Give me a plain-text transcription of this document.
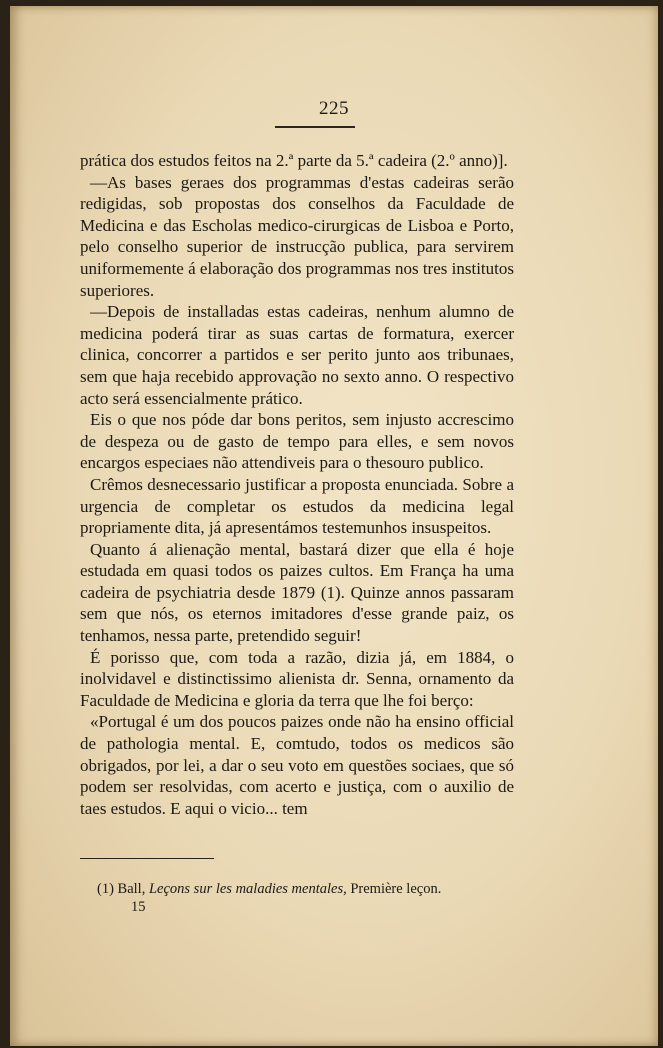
225

prática dos estudos feitos na 2.ª parte da 5.ª cadeira (2.º anno)].

—As bases geraes dos programmas d'estas cadeiras serão redigidas, sob propostas dos conselhos da Faculdade de Medicina e das Escholas medico-cirurgicas de Lisboa e Porto, pelo conselho superior de instrucção publica, para servirem uniformemente á elaboração dos programmas nos tres institutos superiores.

—Depois de installadas estas cadeiras, nenhum alumno de medicina poderá tirar as suas cartas de formatura, exercer clinica, concorrer a partidos e ser perito junto aos tribunaes, sem que haja recebido approvação no sexto anno. O respectivo acto será essencialmente prático.

Eis o que nos póde dar bons peritos, sem injusto accrescimo de despeza ou de gasto de tempo para elles, e sem novos encargos especiaes não attendiveis para o thesouro publico.

Crêmos desnecessario justificar a proposta enunciada. Sobre a urgencia de completar os estudos da medicina legal propriamente dita, já apresentámos testemunhos insuspeitos.

Quanto á alienação mental, bastará dizer que ella é hoje estudada em quasi todos os paizes cultos. Em França ha uma cadeira de psychiatria desde 1879 (1). Quinze annos passaram sem que nós, os eternos imitadores d'esse grande paiz, os tenhamos, nessa parte, pretendido seguir!

É porisso que, com toda a razão, dizia já, em 1884, o inolvidavel e distinctissimo alienista dr. Senna, ornamento da Faculdade de Medicina e gloria da terra que lhe foi berço:

«Portugal é um dos poucos paizes onde não ha ensino official de pathologia mental. E, comtudo, todos os medicos são obrigados, por lei, a dar o seu voto em questões sociaes, que só podem ser resolvidas, com acerto e justiça, com o auxilio de taes estudos. E aqui o vicio... tem

(1) Ball, Leçons sur les maladies mentales, Première leçon.
15
